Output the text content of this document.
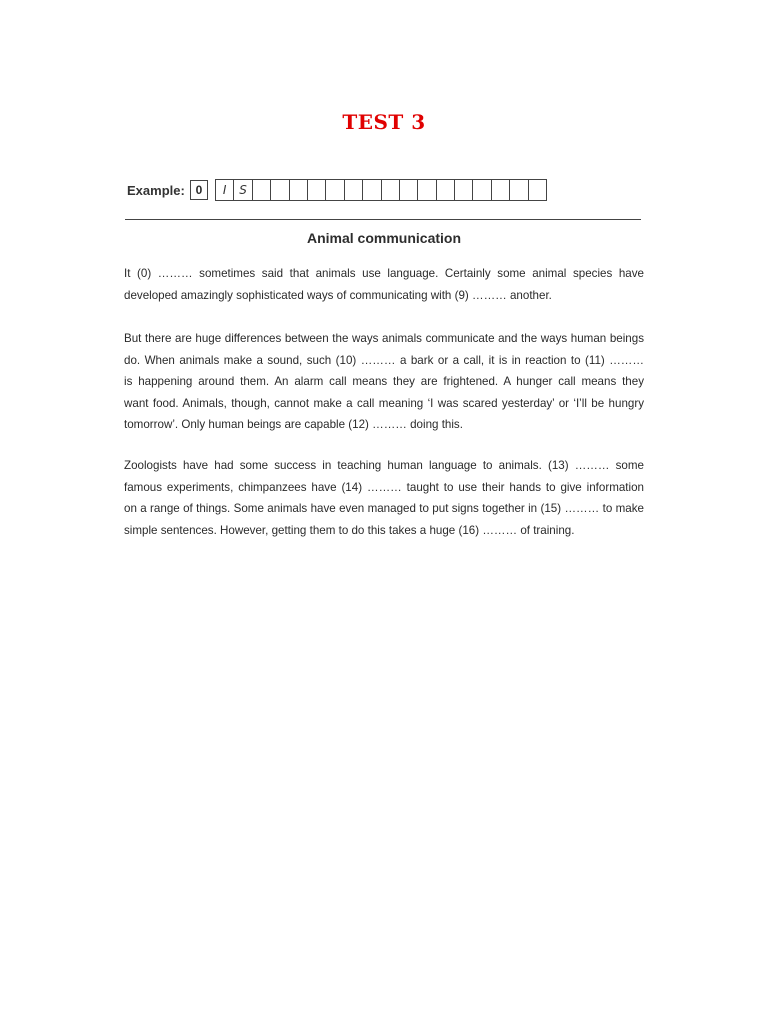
TEST 3
Example: 0	I	S
Animal communication
It (0) ……… sometimes said that animals use language. Certainly some animal species have
developed amazingly sophisticated ways of communicating with (9) ……… another.
But there are huge differences between the ways animals communicate and the ways human beings
do. When animals make a sound, such (10) ……… a bark or a call, it is in reaction to (11) ………
is happening around them. An alarm call means they are frightened. A hunger call means they
want food. Animals, though, cannot make a call meaning ‘I was scared yesterday’ or ‘I’ll be hungry
tomorrow’. Only human beings are capable (12) ……… doing this.
Zoologists have had some success in teaching human language to animals. (13) ……… some
famous experiments, chimpanzees have (14) ……… taught to use their hands to give information
on a range of things. Some animals have even managed to put signs together in (15) ……… to make
simple sentences. However, getting them to do this takes a huge (16) ……… of training.
